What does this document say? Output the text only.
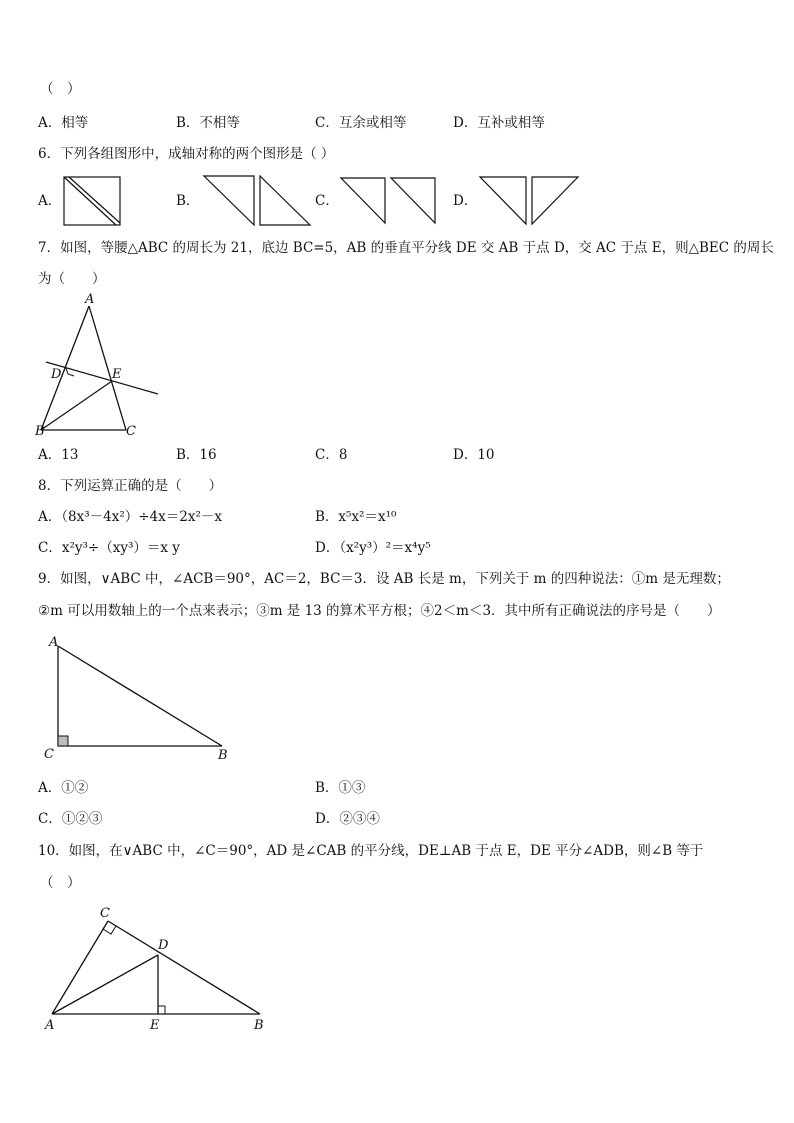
（　）
A．相等	B．不相等	C．互余或相等	D．互补或相等
6．下列各组图形中，成轴对称的两个图形是（ ）
A．	B．	C．	D．
7．如图，等腰△ABC 的周长为 21，底边 BC=5，AB 的垂直平分线 DE 交 AB 于点 D，交 AC 于点 E，则△BEC 的周长
为（　　）
A
D	E
B	C
A．13	B．16	C．8	D．10
8．下列运算正确的是（　　）
A．（8x³－4x²）÷4x＝2x²－x	B．x⁵x²＝x¹⁰
C．x²y³÷（xy³）＝x y	D．（x²y³）²＝x⁴y⁵
9．如图，∨ABC 中，∠ACB＝90°，AC＝2，BC＝3．设 AB 长是 m，下列关于 m 的四种说法：①m 是无理数；
②m 可以用数轴上的一个点来表示；③m 是 13 的算术平方根；④2＜m＜3．其中所有正确说法的序号是（　　）
A
C	B
A．①②	B．①③
C．①②③	D．②③④
10．如图，在∨ABC 中，∠C＝90°，AD 是∠CAB 的平分线，DE⊥AB 于点 E，DE 平分∠ADB，则∠B 等于
（　）
C
D
A	E	B
